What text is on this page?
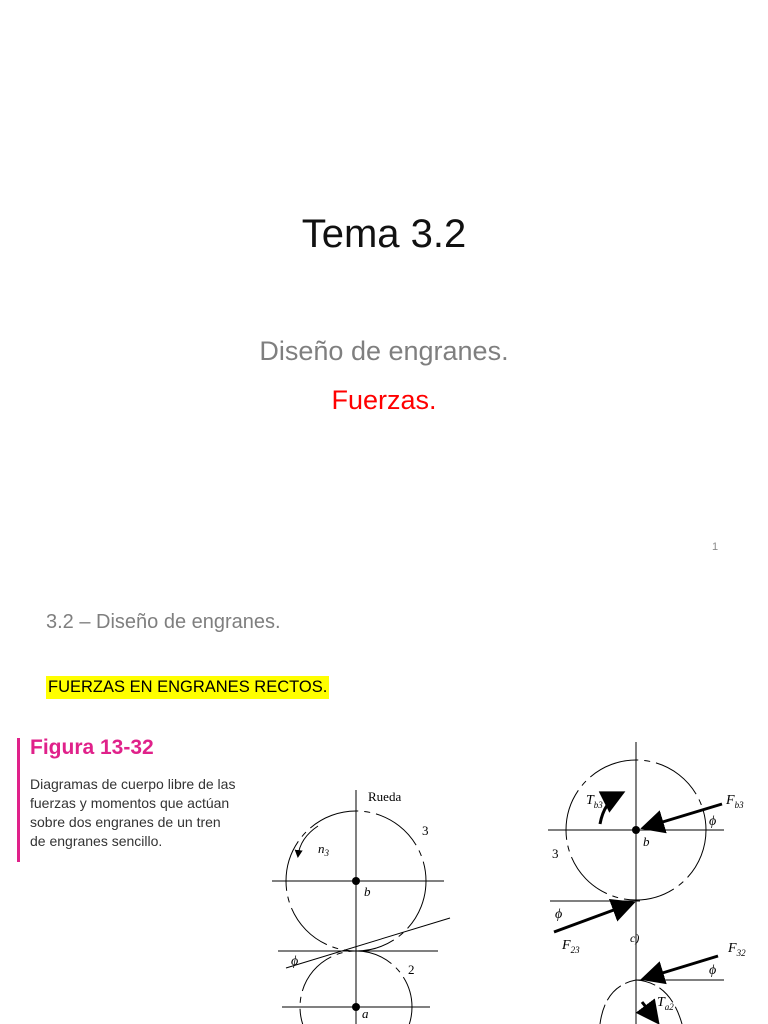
Tema 3.2
Diseño de engranes.
Fuerzas.
1
3.2 – Diseño de engranes.
FUERZAS EN ENGRANES RECTOS.
Figura 13-32
Diagramas de cuerpo libre de las fuerzas y momentos que actúan sobre dos engranes de un tren de engranes sencillo.
Rueda
3
2
b
a
ϕ
$n_3$	3
b
ϕ
ϕ
ϕ
c)
$T_{b3}$	$F_{b3}$
$F_{23}$	$F_{32}$
$T_{a2}$
